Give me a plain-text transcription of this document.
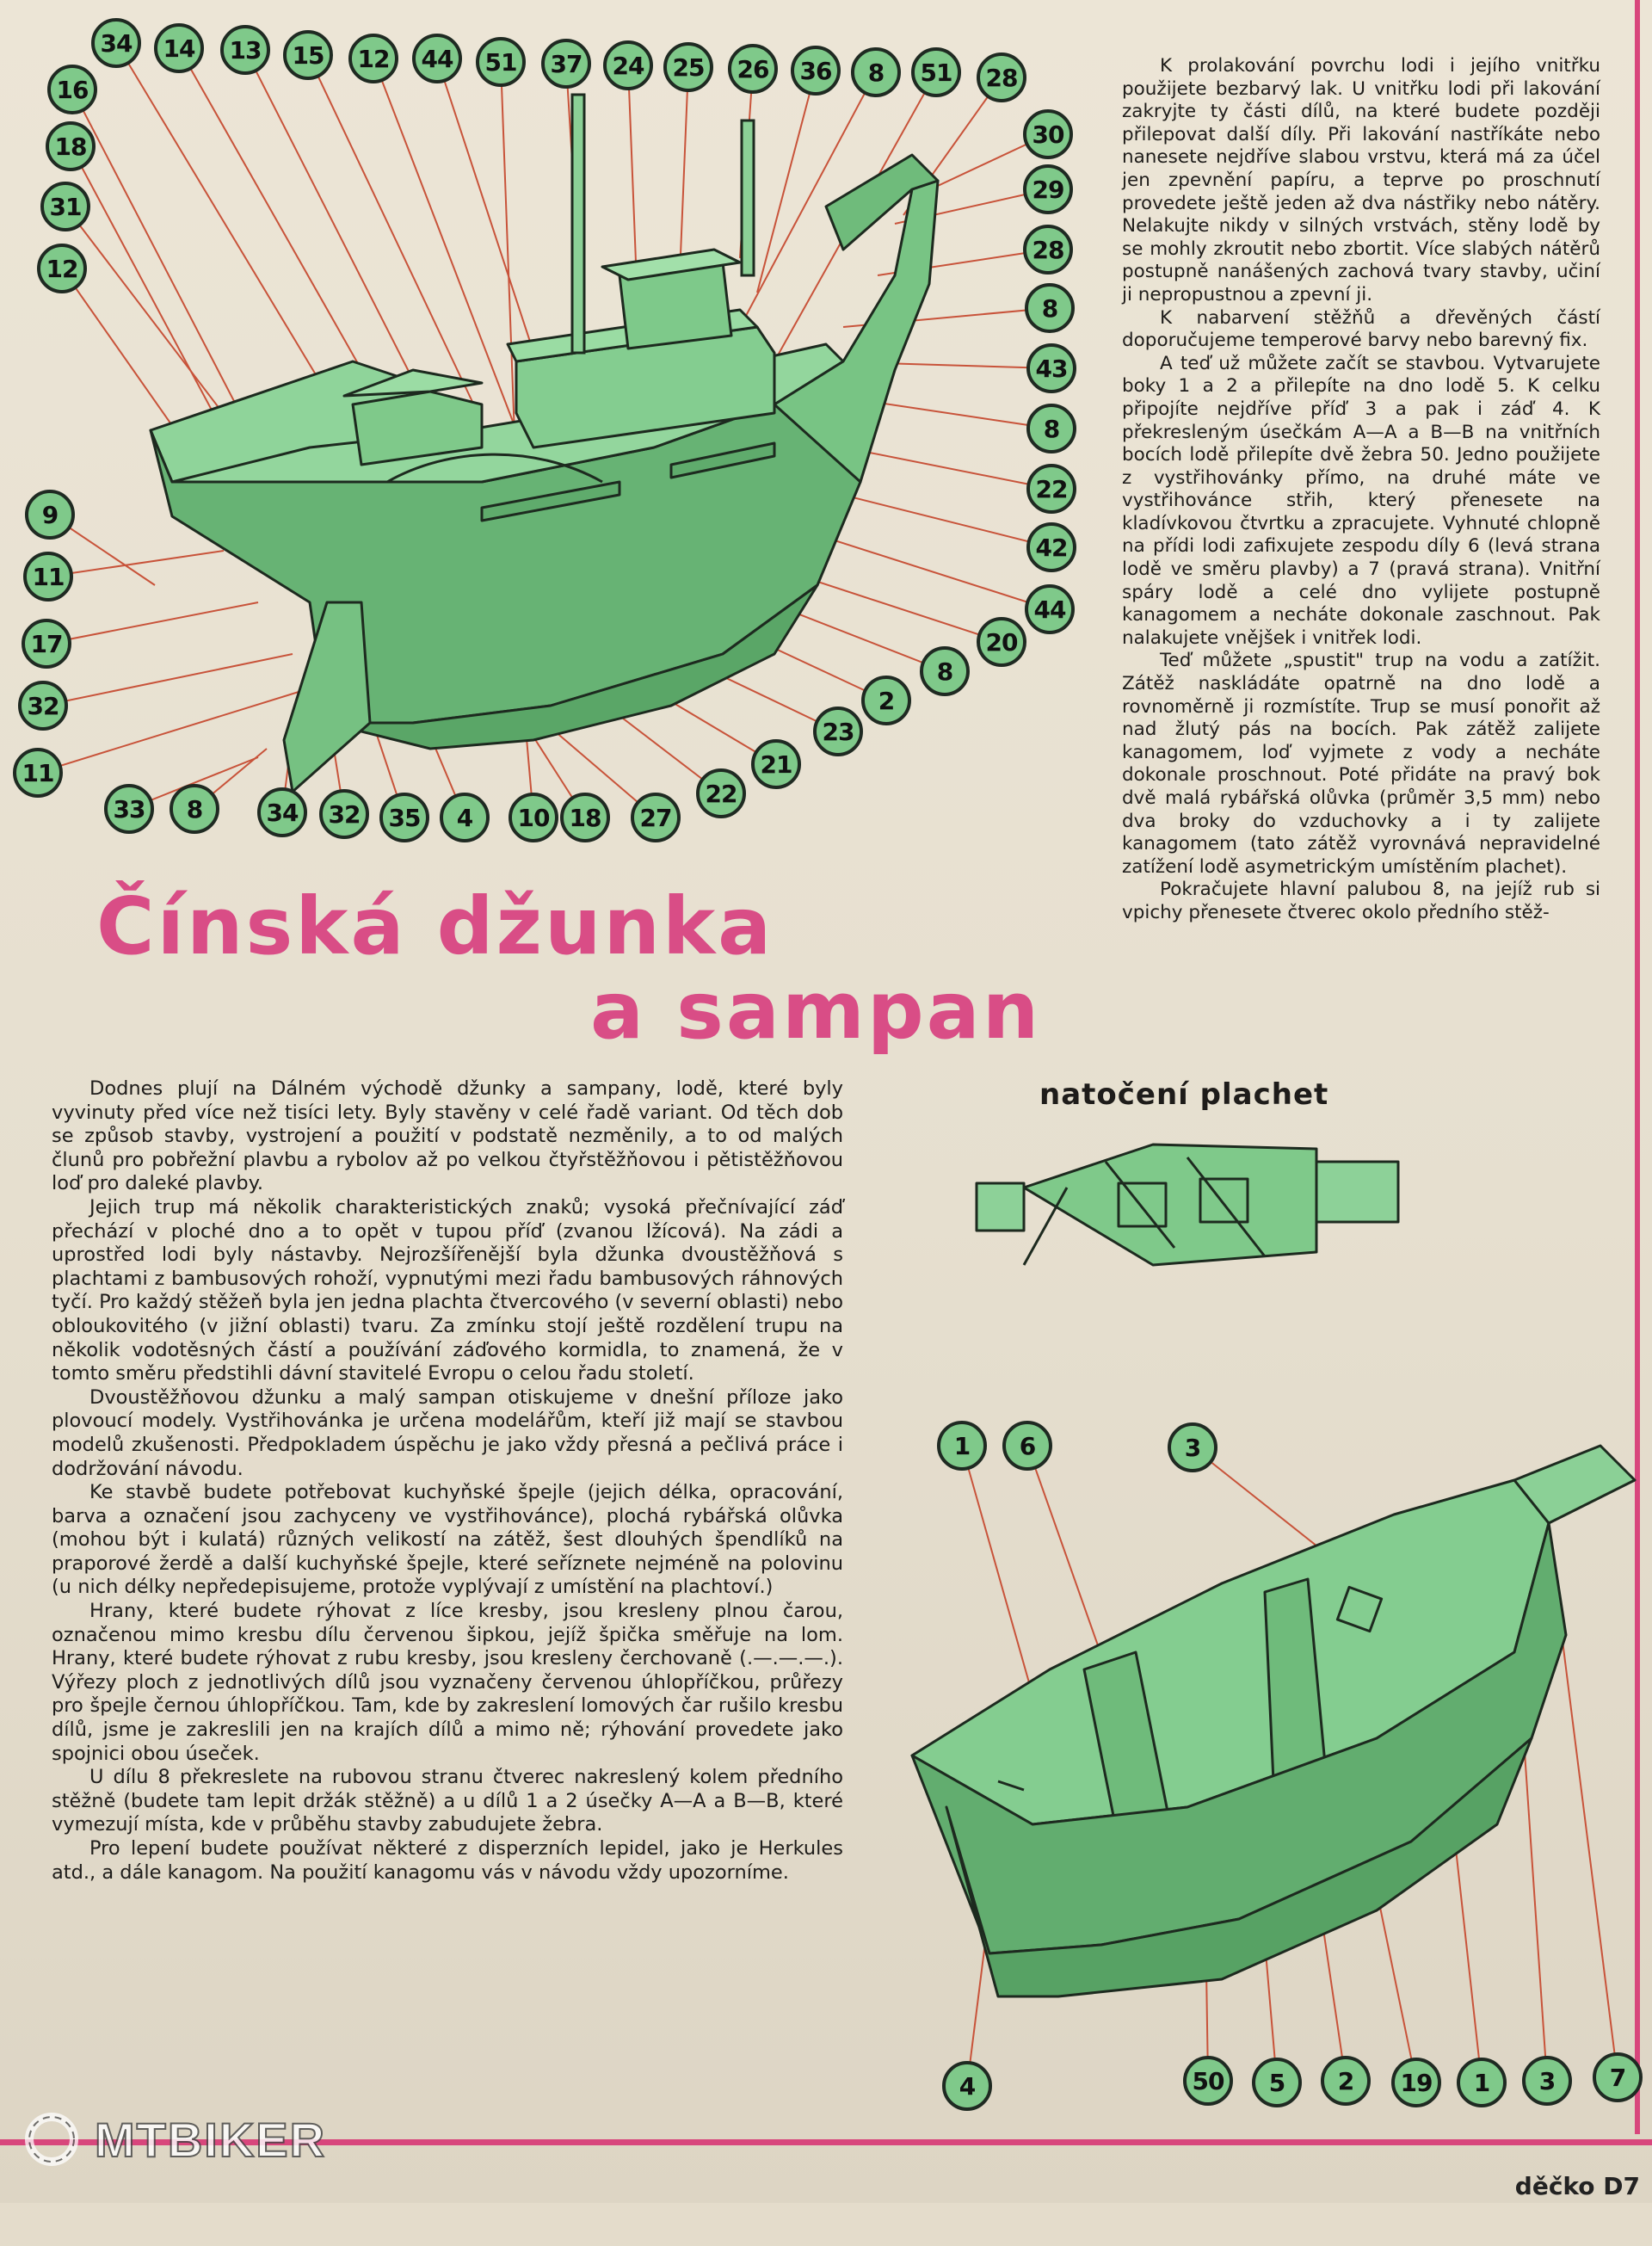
Čínská džunka
a sampan

K prolakování povrchu lodi i jejího vnitřku použijete bezbarvý lak. U vnitřku lodi při lakování zakryjte ty části dílů, na které budete později přilepovat další díly. Při lakování nastříkáte nebo nanesete nejdříve slabou vrstvu, která má za účel jen zpevnění papíru, a teprve po proschnutí provedete ještě jeden až dva nástřiky nebo nátěry. Nelakujte nikdy v silných vrstvách, stěny lodě by se mohly zkroutit nebo zbortit. Více slabých nátěrů postupně nanášených zachová tvary stavby, učiní ji nepropustnou a zpevní ji.

K nabarvení stěžňů a dřevěných částí doporučujeme temperové barvy nebo barevný fix.

A teď už můžete začít se stavbou. Vytvarujete boky 1 a 2 a přilepíte na dno lodě 5. K celku připojíte nejdříve příď 3 a pak i záď 4. K překresleným úsečkám A—A a B—B na vnitřních bocích lodě přilepíte dvě žebra 50. Jedno použijete z vystřihovánky přímo, na druhé máte ve vystřihovánce střih, který přenesete na kladívkovou čtvrtku a zpracujete. Vyhnuté chlopně na přídi lodi zafixujete zespodu díly 6 (levá strana lodě ve směru plavby) a 7 (pravá strana). Vnitřní spáry lodě a celé dno vylijete postupně kanagomem a necháte dokonale zaschnout. Pak nalakujete vnějšek i vnitřek lodi.

Teď můžete „spustit" trup na vodu a zatížit. Zátěž naskládáte opatrně na dno lodě a rovnoměrně ji rozmístíte. Trup se musí ponořit až nad žlutý pás na bocích. Pak zátěž zalijete kanagomem, loď vyjmete z vody a necháte dokonale proschnout. Poté přidáte na pravý bok dvě malá rybářská olůvka (průměr 3,5 mm) nebo dva broky do vzduchovky a i ty zalijete kanagomem (tato zátěž vyrovnává nepravidelné zatížení lodě asymetrickým umístěním plachet).

Pokračujete hlavní palubou 8, na jejíž rub si vpichy přenesete čtverec okolo předního stěž-

Dodnes plují na Dálném východě džunky a sampany, lodě, které byly vyvinuty před více než tisíci lety. Byly stavěny v celé řadě variant. Od těch dob se způsob stavby, vystrojení a použití v podstatě nezměnily, a to od malých člunů pro pobřežní plavbu a rybolov až po velkou čtyřstěžňovou i pětistěžňovou loď pro daleké plavby.

Jejich trup má několik charakteristických znaků; vysoká přečnívající záď přechází v ploché dno a to opět v tupou příď (zvanou lžícová). Na zádi a uprostřed lodi byly nástavby. Nejrozšířenější byla džunka dvoustěžňová s plachtami z bambusových rohoží, vypnutými mezi řadu bambusových ráhnových tyčí. Pro každý stěžeň byla jen jedna plachta čtvercového (v severní oblasti) nebo obloukovitého (v jižní oblasti) tvaru. Za zmínku stojí ještě rozdělení trupu na několik vodotěsných částí a používání záďového kormidla, to znamená, že v tomto směru předstihli dávní stavitelé Evropu o celou řadu století.

Dvoustěžňovou džunku a malý sampan otiskujeme v dnešní příloze jako plovoucí modely. Vystřihovánka je určena modelářům, kteří již mají se stavbou modelů zkušenosti. Předpokladem úspěchu je jako vždy přesná a pečlivá práce i dodržování návodu.

Ke stavbě budete potřebovat kuchyňské špejle (jejich délka, opracování, barva a označení jsou zachyceny ve vystřihovánce), plochá rybářská olůvka (mohou být i kulatá) různých velikostí na zátěž, šest dlouhých špendlíků na praporové žerdě a další kuchyňské špejle, které seříznete nejméně na polovinu (u nich délky nepředepisujeme, protože vyplývají z umístění na plachtoví.)

Hrany, které budete rýhovat z líce kresby, jsou kresleny plnou čarou, označenou mimo kresbu dílu červenou šipkou, jejíž špička směřuje na lom. Hrany, které budete rýhovat z rubu kresby, jsou kresleny čerchovaně (.—.—.—.). Výřezy ploch z jednotlivých dílů jsou vyznačeny červenou úhlopříčkou, průřezy pro špejle černou úhlopříčkou. Tam, kde by zakreslení lomových čar rušilo kresbu dílů, jsme je zakreslili jen na krajích dílů a mimo ně; rýhování provedete jako spojnici obou úseček.

U dílu 8 překreslete na rubovou stranu čtverec nakreslený kolem předního stěžně (budete tam lepit držák stěžně) a u dílů 1 a 2 úsečky A—A a B—B, které vymezují místa, kde v průběhu stavby zabudujete žebra.

Pro lepení budete používat některé z disperzních lepidel, jako je Herkules atd., a dále kanagom. Na použití kanagomu vás v návodu vždy upozorníme.

natočení plachet
34	14	13	15	12	44	51	37	24	25	26	36	8	51	28
16
18
31
12
30
29
28
8
43
8
22
42
44
20
8
2
23
21
22
27
18
10
4
35
32
34
8
33
9
11
17
32
11
1	6	3
4	50	5	2	19	1	3	7
MTBIKER
děčko D7
